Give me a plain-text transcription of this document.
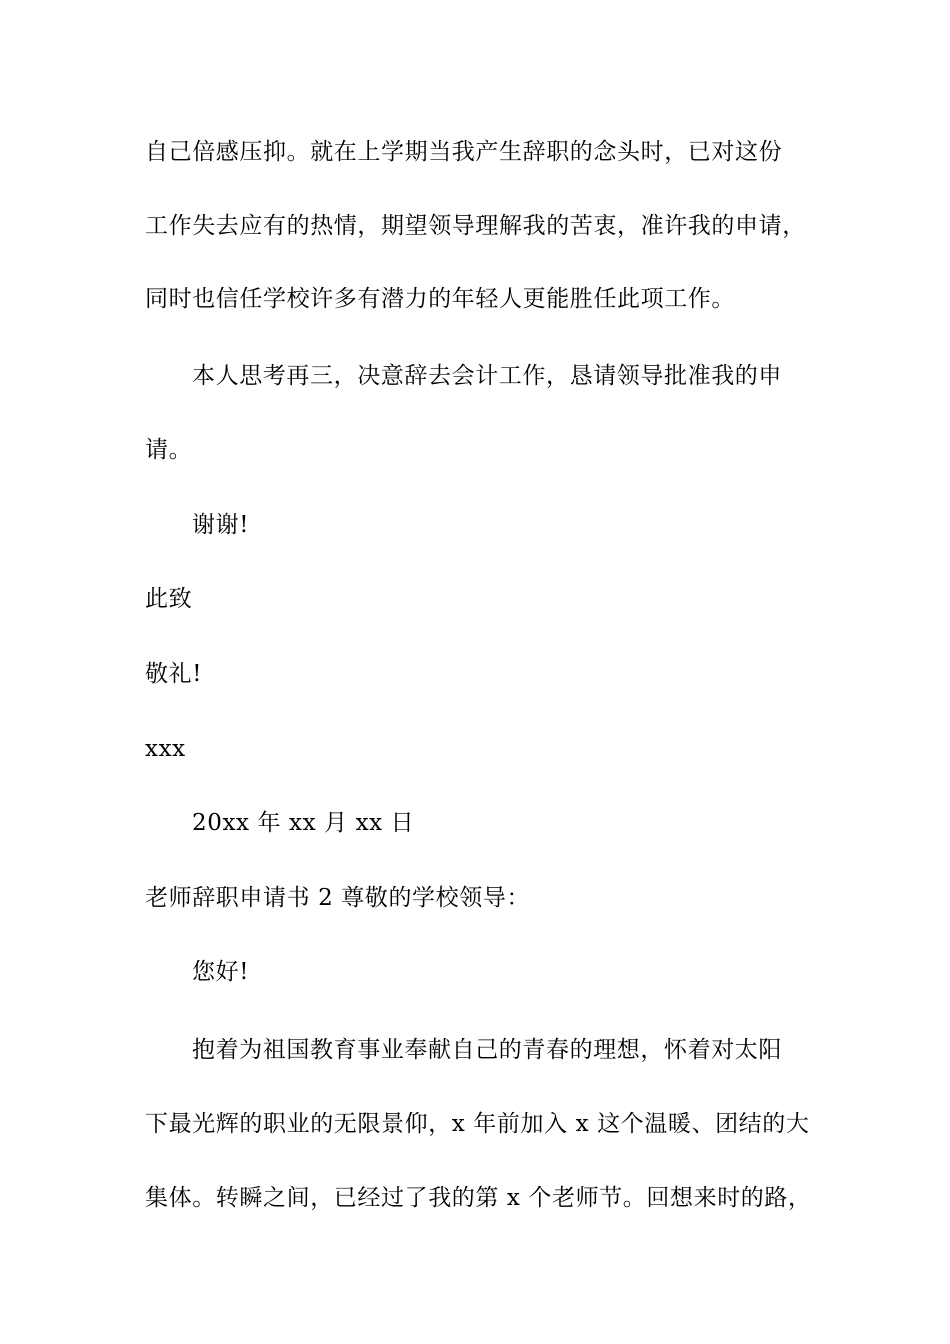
自己倍感压抑。就在上学期当我产生辞职的念头时，已对这份
工作失去应有的热情，期望领导理解我的苦衷，准许我的申请，
同时也信任学校许多有潜力的年轻人更能胜任此项工作。
本人思考再三，决意辞去会计工作，恳请领导批准我的申
请。
谢谢!
此致
敬礼!
xxx
20xx 年 xx 月 xx 日
老师辞职申请书 2 尊敬的学校领导：
您好!
抱着为祖国教育事业奉献自己的青春的理想，怀着对太阳
下最光辉的职业的无限景仰，x 年前加入 x 这个温暖、团结的大
集体。转瞬之间，已经过了我的第 x 个老师节。回想来时的路，
